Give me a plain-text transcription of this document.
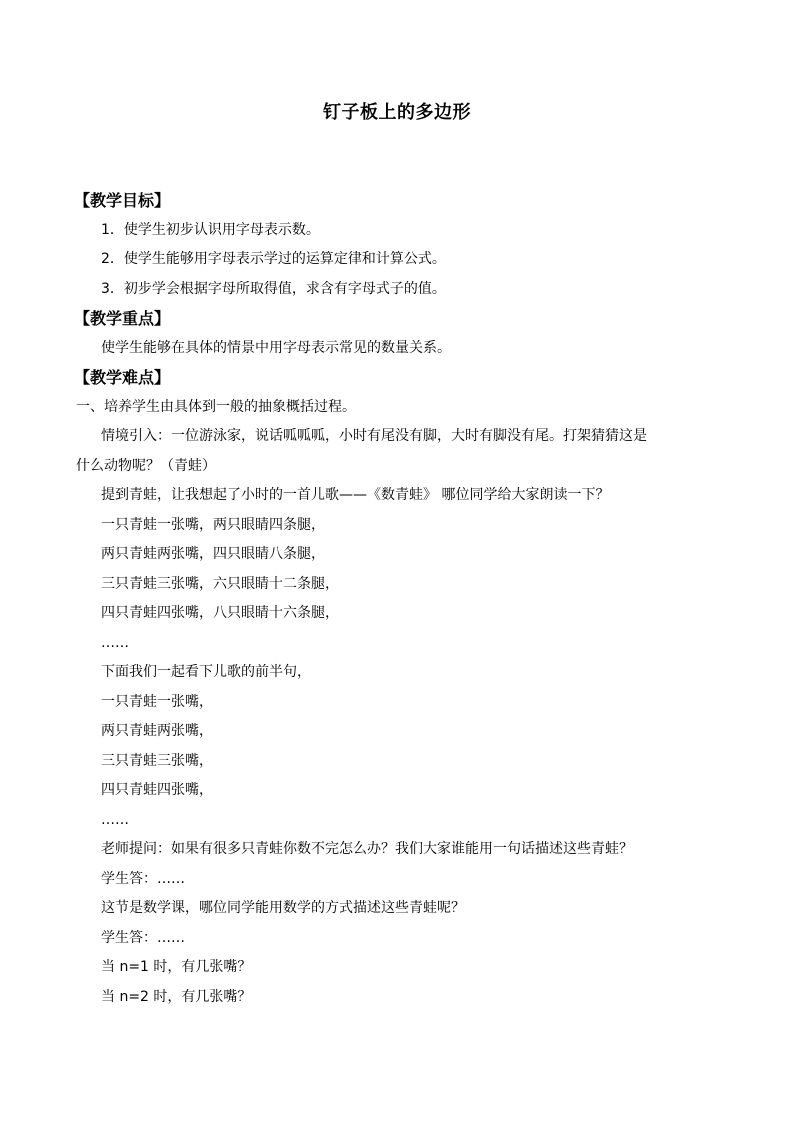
钉子板上的多边形
【教学目标】
1．使学生初步认识用字母表示数。
2．使学生能够用字母表示学过的运算定律和计算公式。
3．初步学会根据字母所取得值，求含有字母式子的值。
【教学重点】
使学生能够在具体的情景中用字母表示常见的数量关系。
【教学难点】
一、培养学生由具体到一般的抽象概括过程。
情境引入：一位游泳家，说话呱呱呱，小时有尾没有脚，大时有脚没有尾。打架猜猜这是
什么动物呢？（青蛙）
提到青蛙，让我想起了小时的一首儿歌——《数青蛙》 哪位同学给大家朗读一下？
一只青蛙一张嘴，两只眼睛四条腿，
两只青蛙两张嘴，四只眼睛八条腿，
三只青蛙三张嘴，六只眼睛十二条腿，
四只青蛙四张嘴，八只眼睛十六条腿，
……
下面我们一起看下儿歌的前半句，
一只青蛙一张嘴，
两只青蛙两张嘴，
三只青蛙三张嘴，
四只青蛙四张嘴，
……
老师提问：如果有很多只青蛙你数不完怎么办？我们大家谁能用一句话描述这些青蛙？
学生答：……
这节是数学课，哪位同学能用数学的方式描述这些青蛙呢？
学生答：……
当 n=1 时，有几张嘴？
当 n=2 时，有几张嘴？
